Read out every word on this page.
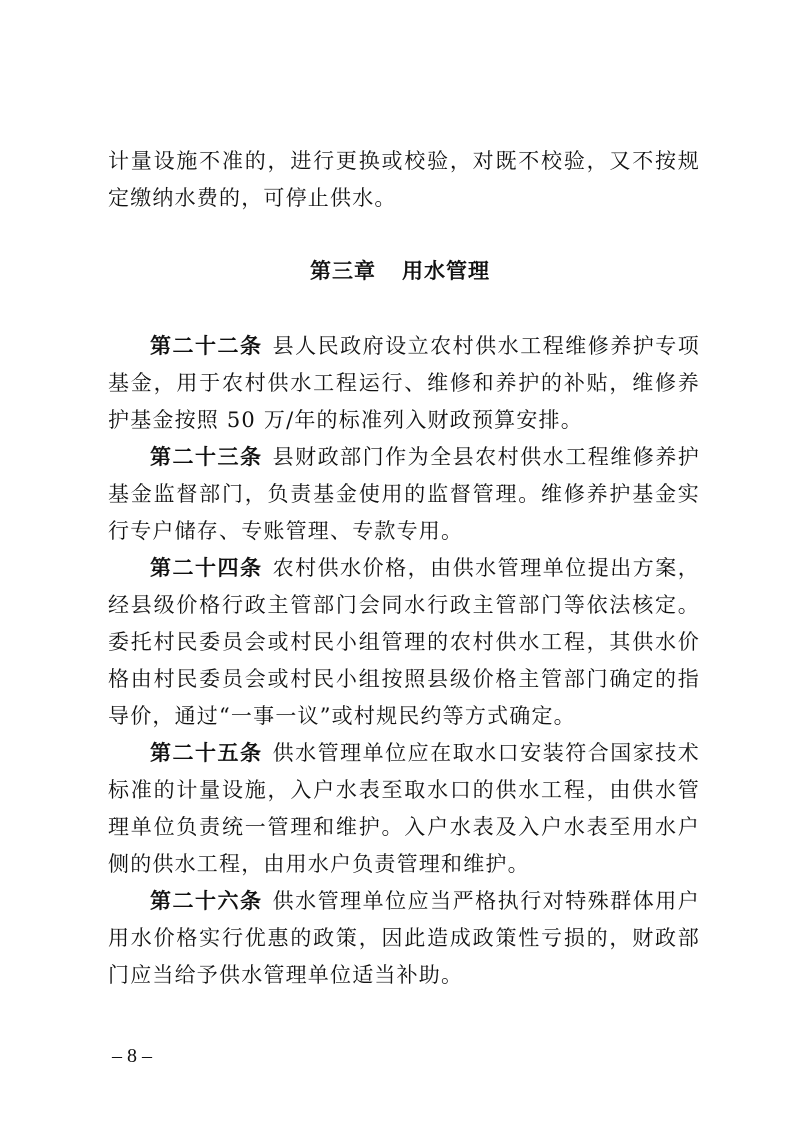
计量设施不准的，进行更换或校验，对既不校验，又不按规定缴纳水费的，可停止供水。

第三章 用水管理

第二十二条 县人民政府设立农村供水工程维修养护专项基金，用于农村供水工程运行、维修和养护的补贴，维修养护基金按照 50 万/年的标准列入财政预算安排。

第二十三条 县财政部门作为全县农村供水工程维修养护基金监督部门，负责基金使用的监督管理。维修养护基金实行专户储存、专账管理、专款专用。

第二十四条 农村供水价格，由供水管理单位提出方案，经县级价格行政主管部门会同水行政主管部门等依法核定。委托村民委员会或村民小组管理的农村供水工程，其供水价格由村民委员会或村民小组按照县级价格主管部门确定的指导价，通过“一事一议”或村规民约等方式确定。

第二十五条 供水管理单位应在取水口安装符合国家技术标准的计量设施，入户水表至取水口的供水工程，由供水管理单位负责统一管理和维护。入户水表及入户水表至用水户侧的供水工程，由用水户负责管理和维护。

第二十六条 供水管理单位应当严格执行对特殊群体用户用水价格实行优惠的政策，因此造成政策性亏损的，财政部门应当给予供水管理单位适当补助。

– 8 –
